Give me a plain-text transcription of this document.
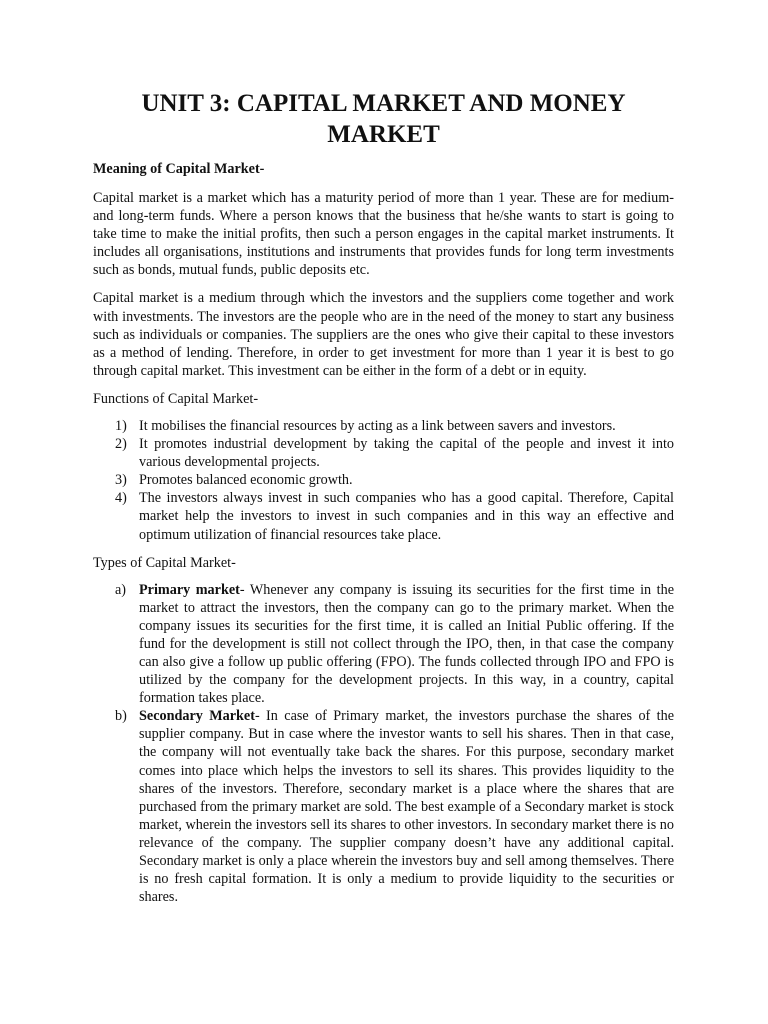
UNIT 3: CAPITAL MARKET AND MONEY MARKET
Meaning of Capital Market-

Capital market is a market which has a maturity period of more than 1 year. These are for medium- and long-term funds. Where a person knows that the business that he/she wants to start is going to take time to make the initial profits, then such a person engages in the capital market instruments. It includes all organisations, institutions and instruments that provides funds for long term investments such as bonds, mutual funds, public deposits etc.

Capital market is a medium through which the investors and the suppliers come together and work with investments. The investors are the people who are in the need of the money to start any business such as individuals or companies. The suppliers are the ones who give their capital to these investors as a method of lending. Therefore, in order to get investment for more than 1 year it is best to go through capital market. This investment can be either in the form of a debt or in equity.

Functions of Capital Market-
1) It mobilises the financial resources by acting as a link between savers and investors.
2) It promotes industrial development by taking the capital of the people and invest it into various developmental projects.
3) Promotes balanced economic growth.
4) The investors always invest in such companies who has a good capital. Therefore, Capital market help the investors to invest in such companies and in this way an effective and optimum utilization of financial resources take place.
Types of Capital Market-
a) Primary market- Whenever any company is issuing its securities for the first time in the market to attract the investors, then the company can go to the primary market. When the company issues its securities for the first time, it is called an Initial Public offering. If the fund for the development is still not collect through the IPO, then, in that case the company can also give a follow up public offering (FPO). The funds collected through IPO and FPO is utilized by the company for the development projects. In this way, in a country, capital formation takes place.
b) Secondary Market- In case of Primary market, the investors purchase the shares of the supplier company. But in case where the investor wants to sell his shares. Then in that case, the company will not eventually take back the shares. For this purpose, secondary market comes into place which helps the investors to sell its shares. This provides liquidity to the shares of the investors. Therefore, secondary market is a place where the shares that are purchased from the primary market are sold. The best example of a Secondary market is stock market, wherein the investors sell its shares to other investors. In secondary market there is no relevance of the company. The supplier company doesn’t have any additional capital. Secondary market is only a place wherein the investors buy and sell among themselves. There is no fresh capital formation. It is only a medium to provide liquidity to the securities or shares.
